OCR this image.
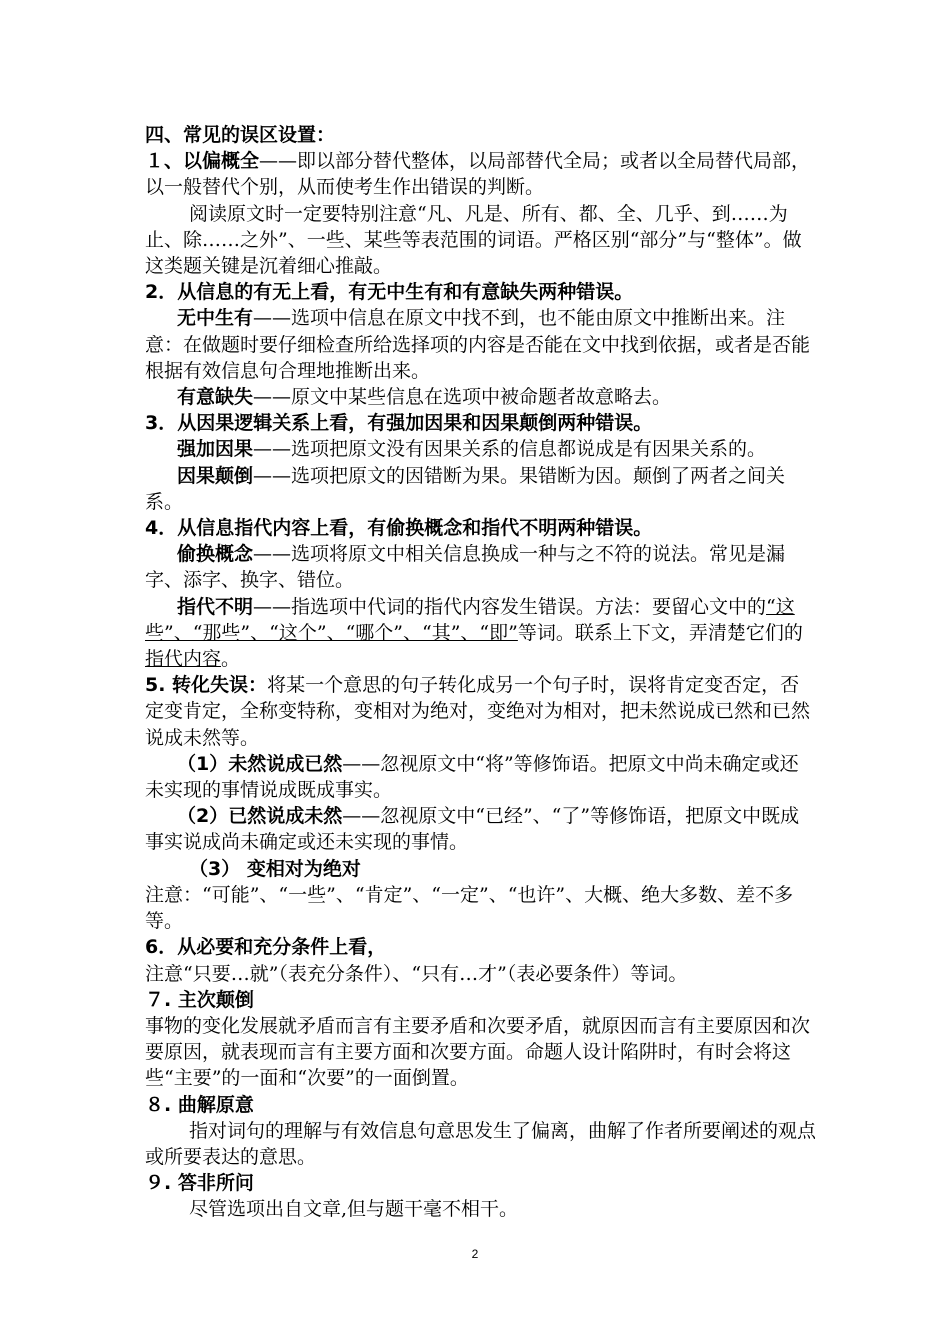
四、常见的误区设置：

１、以偏概全——即以部分替代整体，以局部替代全局；或者以全局替代局部，以一般替代个别，从而使考生作出错误的判断。

阅读原文时一定要特别注意“凡、凡是、所有、都、全、几乎、到……为止、除……之外”、一些、某些等表范围的词语。严格区别“部分”与“整体”。做这类题关键是沉着细心推敲。

2．从信息的有无上看，有无中生有和有意缺失两种错误。

无中生有——选项中信息在原文中找不到，也不能由原文中推断出来。注意：在做题时要仔细检查所给选择项的内容是否能在文中找到依据，或者是否能根据有效信息句合理地推断出来。

有意缺失——原文中某些信息在选项中被命题者故意略去。

3．从因果逻辑关系上看，有强加因果和因果颠倒两种错误。

强加因果——选项把原文没有因果关系的信息都说成是有因果关系的。

因果颠倒——选项把原文的因错断为果。果错断为因。颠倒了两者之间关系。

4．从信息指代内容上看，有偷换概念和指代不明两种错误。

偷换概念——选项将原文中相关信息换成一种与之不符的说法。常见是漏字、添字、换字、错位。

指代不明——指选项中代词的指代内容发生错误。方法：要留心文中的“这些”、“那些”、“这个”、“哪个”、“其”、“即”等词。联系上下文，弄清楚它们的指代内容。

5. 转化失误：将某一个意思的句子转化成另一个句子时，误将肯定变否定，否定变肯定，全称变特称，变相对为绝对，变绝对为相对，把未然说成已然和已然说成未然等。

（1）未然说成已然——忽视原文中“将”等修饰语。把原文中尚未确定或还未实现的事情说成既成事实。

（2）已然说成未然——忽视原文中“已经”、“了”等修饰语，把原文中既成事实说成尚未确定或还未实现的事情。

（3） 变相对为绝对

注意：“可能”、“一些”、“肯定”、“一定”、“也许”、大概、绝大多数、差不多等。

6．从必要和充分条件上看，

注意“只要…就”（表充分条件）、“只有…才”（表必要条件）等词。

７. 主次颠倒

事物的变化发展就矛盾而言有主要矛盾和次要矛盾，就原因而言有主要原因和次要原因，就表现而言有主要方面和次要方面。命题人设计陷阱时，有时会将这些“主要”的一面和“次要”的一面倒置。

８. 曲解原意

指对词句的理解与有效信息句意思发生了偏离，曲解了作者所要阐述的观点或所要表达的意思。

９. 答非所问

尽管选项出自文章,但与题干毫不相干。

2
